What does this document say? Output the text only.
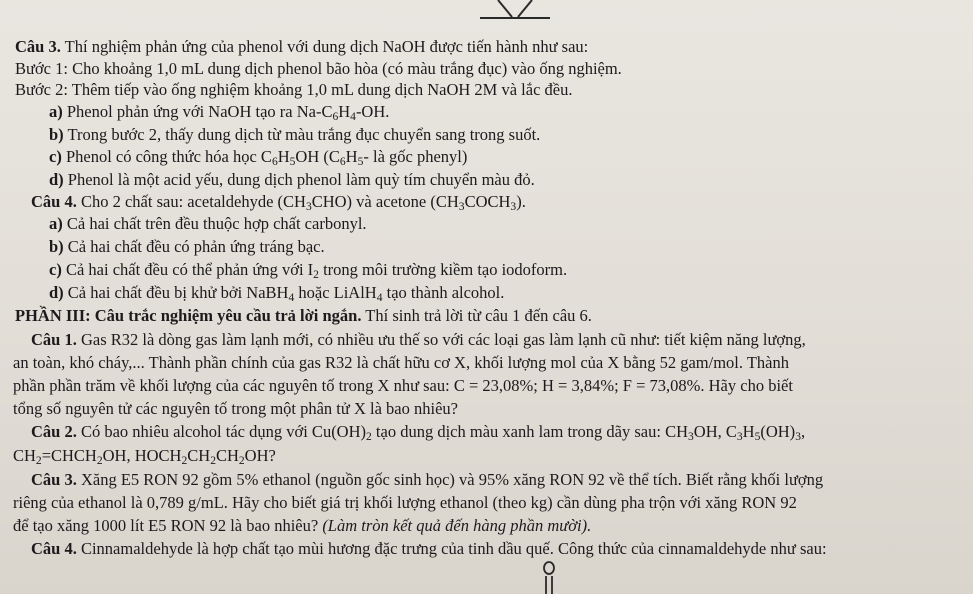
Câu 3. Thí nghiệm phản ứng của phenol với dung dịch NaOH được tiến hành như sau:
Bước 1: Cho khoảng 1,0 mL dung dịch phenol bão hòa (có màu trắng đục) vào ống nghiệm.
Bước 2: Thêm tiếp vào ống nghiệm khoảng 1,0 mL dung dịch NaOH 2M và lắc đều.
a) Phenol phản ứng với NaOH tạo ra $Na-C_6H_4-OH$.
b) Trong bước 2, thấy dung dịch từ màu trắng đục chuyển sang trong suốt.
c) Phenol có công thức hóa học $C_6H_5OH$ ($C_6H_5-$ là gốc phenyl)
d) Phenol là một acid yếu, dung dịch phenol làm quỳ tím chuyển màu đỏ.
Câu 4. Cho 2 chất sau: acetaldehyde $(CH_3CHO)$ và acetone $(CH_3COCH_3)$.
a) Cả hai chất trên đều thuộc hợp chất carbonyl.
b) Cả hai chất đều có phản ứng tráng bạc.
c) Cả hai chất đều có thể phản ứng với $I_2$ trong môi trường kiềm tạo iodoform.
d) Cả hai chất đều bị khử bởi NaBH$_4$ hoặc LiAlH$_4$ tạo thành alcohol.
PHẦN III: Câu trắc nghiệm yêu cầu trả lời ngắn. Thí sinh trả lời từ câu 1 đến câu 6.
Câu 1. Gas R32 là dòng gas làm lạnh mới, có nhiều ưu thế so với các loại gas làm lạnh cũ như: tiết kiệm năng lượng,
an toàn, khó cháy,... Thành phần chính của gas R32 là chất hữu cơ X, khối lượng mol của X bằng 52 gam/mol. Thành
phần phần trăm về khối lượng của các nguyên tố trong X như sau: C = 23,08%; H = 3,84%; F = 73,08%. Hãy cho biết
tổng số nguyên tử các nguyên tố trong một phân tử X là bao nhiêu?
Câu 2. Có bao nhiêu alcohol tác dụng với $Cu(OH)_2$ tạo dung dịch màu xanh lam trong dãy sau: $CH_3OH$, $C_3H_5(OH)_3$,
$CH_2=CHCH_2OH$, $HOCH_2CH_2CH_2OH$?
Câu 3. Xăng E5 RON 92 gồm 5% ethanol (nguồn gốc sinh học) và 95% xăng RON 92 về thể tích. Biết rằng khối lượng
riêng của ethanol là 0,789 g/mL. Hãy cho biết giá trị khối lượng ethanol (theo kg) cần dùng pha trộn với xăng RON 92
để tạo xăng 1000 lít E5 RON 92 là bao nhiêu? (Làm tròn kết quả đến hàng phần mười).
Câu 4. Cinnamaldehyde là hợp chất tạo mùi hương đặc trưng của tinh dầu quế. Công thức của cinnamaldehyde như sau:
